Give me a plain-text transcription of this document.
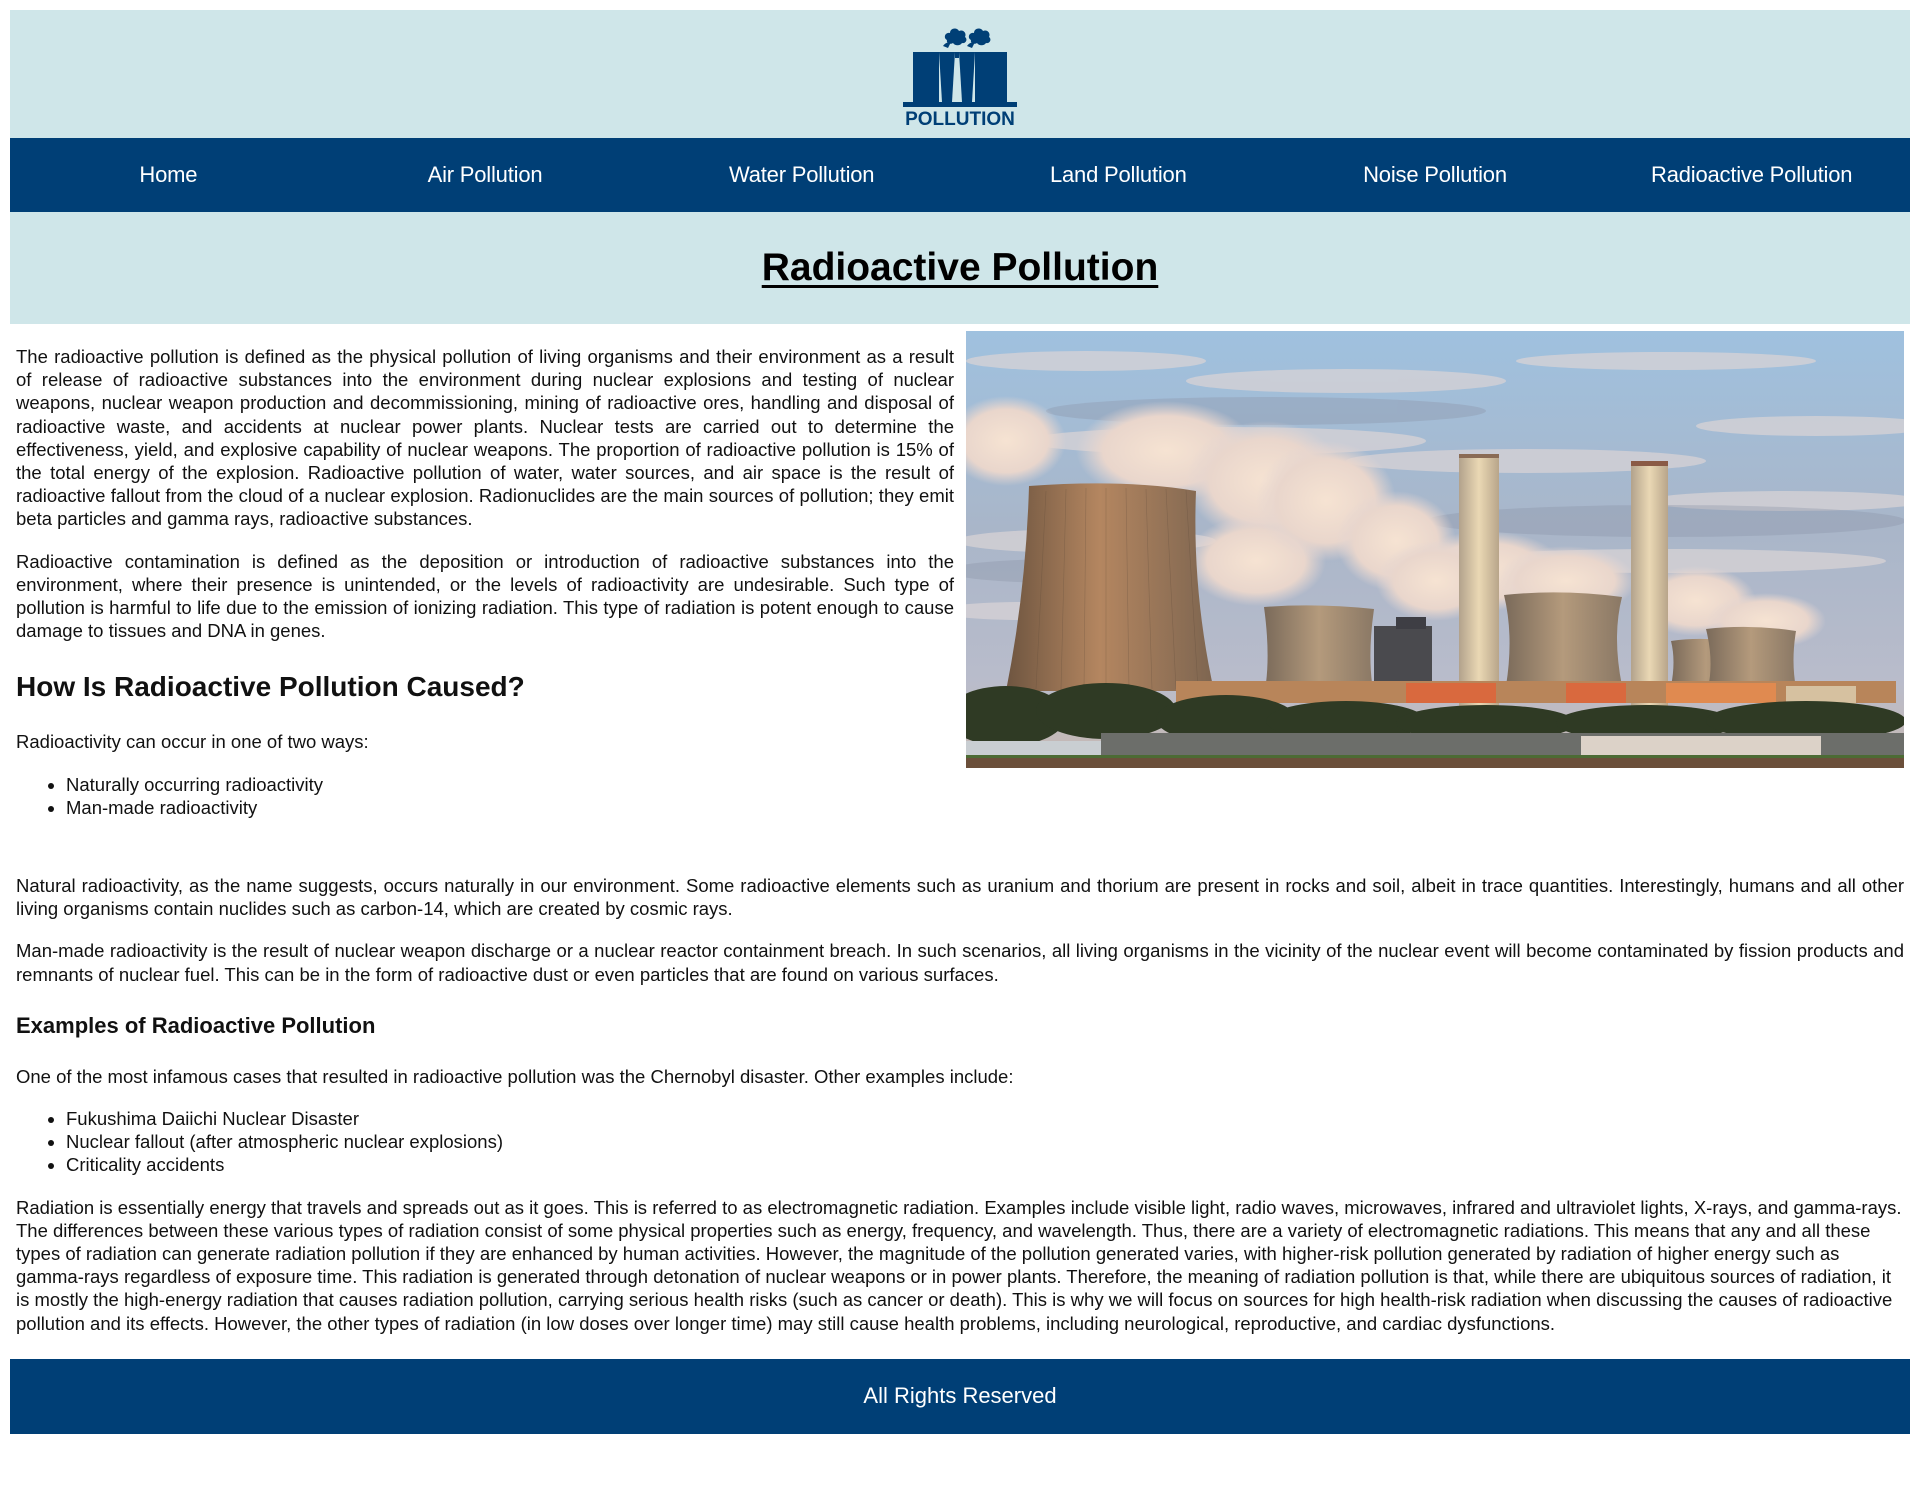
POLLUTION
Home	Air Pollution	Water Pollution	Land Pollution	Noise Pollution	Radioactive Pollution
Radioactive Pollution

The radioactive pollution is defined as the physical pollution of living organisms and their environment as a result of release of radioactive substances into the environment during nuclear explosions and testing of nuclear weapons, nuclear weapon production and decommissioning, mining of radioactive ores, handling and disposal of radioactive waste, and accidents at nuclear power plants. Nuclear tests are carried out to determine the effectiveness, yield, and explosive capability of nuclear weapons. The proportion of radioactive pollution is 15% of the total energy of the explosion. Radioactive pollution of water, water sources, and air space is the result of radioactive fallout from the cloud of a nuclear explosion. Radionuclides are the main sources of pollution; they emit beta particles and gamma rays, radioactive substances.

Radioactive contamination is defined as the deposition or introduction of radioactive substances into the environment, where their presence is unintended, or the levels of radioactivity are undesirable. Such type of pollution is harmful to life due to the emission of ionizing radiation. This type of radiation is potent enough to cause damage to tissues and DNA in genes.

How Is Radioactive Pollution Caused?

Radioactivity can occur in one of two ways:

• Naturally occurring radioactivity
• Man-made radioactivity

Natural radioactivity, as the name suggests, occurs naturally in our environment. Some radioactive elements such as uranium and thorium are present in rocks and soil, albeit in trace quantities. Interestingly, humans and all other living organisms contain nuclides such as carbon-14, which are created by cosmic rays.

Man-made radioactivity is the result of nuclear weapon discharge or a nuclear reactor containment breach. In such scenarios, all living organisms in the vicinity of the nuclear event will become contaminated by fission products and remnants of nuclear fuel. This can be in the form of radioactive dust or even particles that are found on various surfaces.

Examples of Radioactive Pollution

One of the most infamous cases that resulted in radioactive pollution was the Chernobyl disaster. Other examples include:

• Fukushima Daiichi Nuclear Disaster
• Nuclear fallout (after atmospheric nuclear explosions)
• Criticality accidents

Radiation is essentially energy that travels and spreads out as it goes. This is referred to as electromagnetic radiation. Examples include visible light, radio waves, microwaves, infrared and ultraviolet lights, X-rays, and gamma-rays. The differences between these various types of radiation consist of some physical properties such as energy, frequency, and wavelength. Thus, there are a variety of electromagnetic radiations. This means that any and all these types of radiation can generate radiation pollution if they are enhanced by human activities. However, the magnitude of the pollution generated varies, with higher-risk pollution generated by radiation of higher energy such as gamma-rays regardless of exposure time. This radiation is generated through detonation of nuclear weapons or in power plants. Therefore, the meaning of radiation pollution is that, while there are ubiquitous sources of radiation, it is mostly the high-energy radiation that causes radiation pollution, carrying serious health risks (such as cancer or death). This is why we will focus on sources for high health-risk radiation when discussing the causes of radioactive pollution and its effects. However, the other types of radiation (in low doses over longer time) may still cause health problems, including neurological, reproductive, and cardiac dysfunctions.

All Rights Reserved
